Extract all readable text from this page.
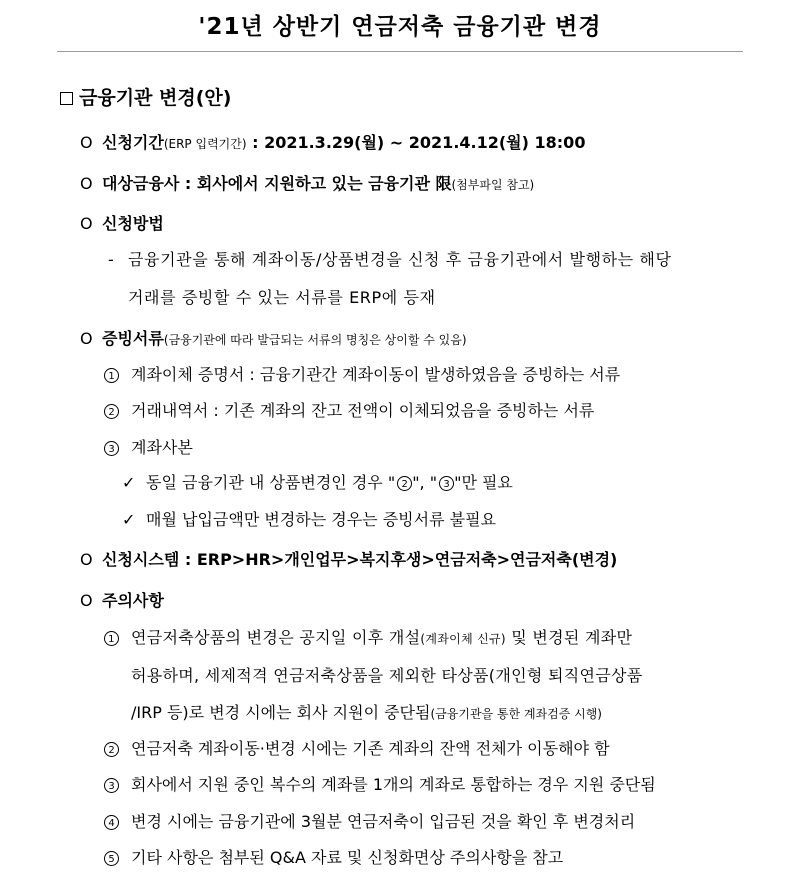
'21년 상반기 연금저축 금융기관 변경
금융기관 변경(안)
O 신청기간(ERP 입력기간) : 2021.3.29(월) ~ 2021.4.12(월) 18:00
O 대상금융사 : 회사에서 지원하고 있는 금융기관 限(첨부파일 참고)
O 신청방법
- 금융기관을 통해 계좌이동/상품변경을 신청 후 금융기관에서 발행하는 해당
거래를 증빙할 수 있는 서류를 ERP에 등재
O 증빙서류(금융기관에 따라 발급되는 서류의 명칭은 상이할 수 있음)
1 계좌이체 증명서 : 금융기관간 계좌이동이 발생하였음을 증빙하는 서류
2 거래내역서 : 기존 계좌의 잔고 전액이 이체되었음을 증빙하는 서류
3 계좌사본
✓ 동일 금융기관 내 상품변경인 경우 " 2 ", " 3 "만 필요
✓ 매월 납입금액만 변경하는 경우는 증빙서류 불필요
O 신청시스템 : ERP>HR>개인업무>복지후생>연금저축>연금저축(변경)
O 주의사항
1 연금저축상품의 변경은 공지일 이후 개설(계좌이체 신규) 및 변경된 계좌만
허용하며, 세제적격 연금저축상품을 제외한 타상품(개인형 퇴직연금상품
/IRP 등)로 변경 시에는 회사 지원이 중단됨(금융기관을 통한 계좌검증 시행)
2 연금저축 계좌이동·변경 시에는 기존 계좌의 잔액 전체가 이동해야 함
3 회사에서 지원 중인 복수의 계좌를 1개의 계좌로 통합하는 경우 지원 중단됨
4 변경 시에는 금융기관에 3월분 연금저축이 입금된 것을 확인 후 변경처리
5 기타 사항은 첨부된 Q&A 자료 및 신청화면상 주의사항을 참고
